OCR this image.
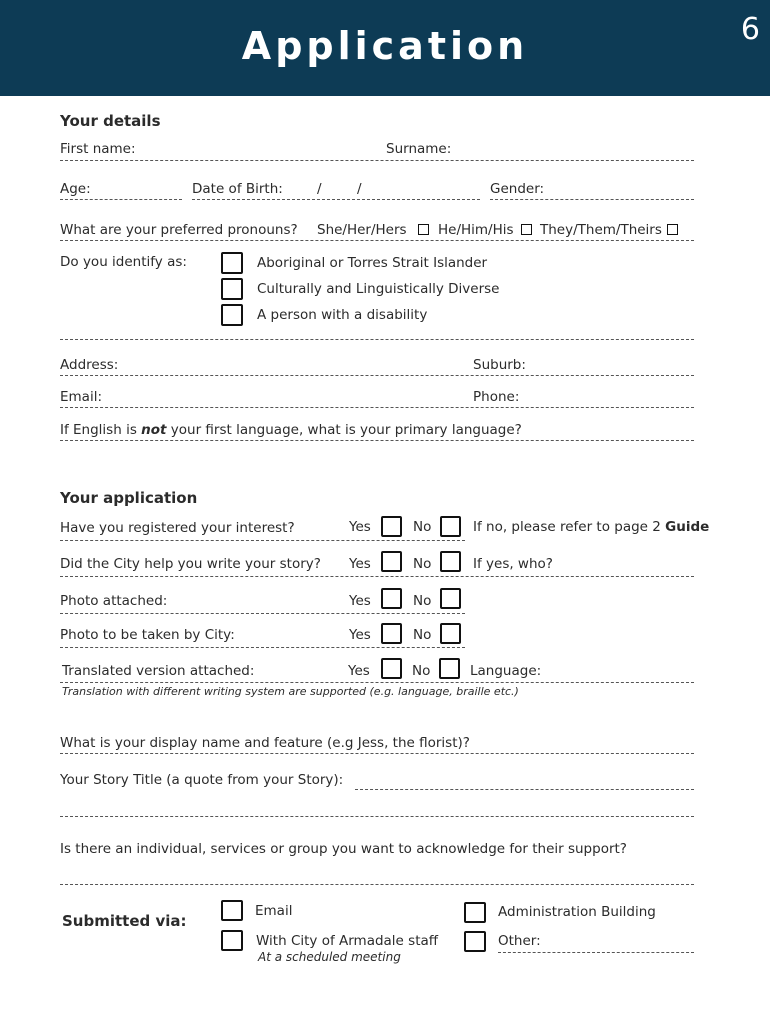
Application	6
Your details
First name:	Surname:
Age:	Date of Birth:	/	/	Gender:
What are your preferred pronouns? She/Her/Hers He/Him/His They/Them/Theirs
Do you identify as:	Aboriginal or Torres Strait Islander
Culturally and Linguistically Diverse
A person with a disability
Address:	Suburb:
Email:	Phone:
If English is not your first language, what is your primary language?
Your application
Have you registered your interest?	Yes	No	If no, please refer to page 2 Guide
Did the City help you write your story? Yes	No	If yes, who?
Photo attached:	Yes	No
Photo to be taken by City:	Yes	No
Translated version attached:	Yes	No	Language:
Translation with different writing system are supported (e.g. language, braille etc.)
What is your display name and feature (e.g Jess, the florist)?
Your Story Title (a quote from your Story):
Is there an individual, services or group you want to acknowledge for their support?
Submitted via:
Email
With City of Armadale staff
At a scheduled meeting
Administration Building
Other:
